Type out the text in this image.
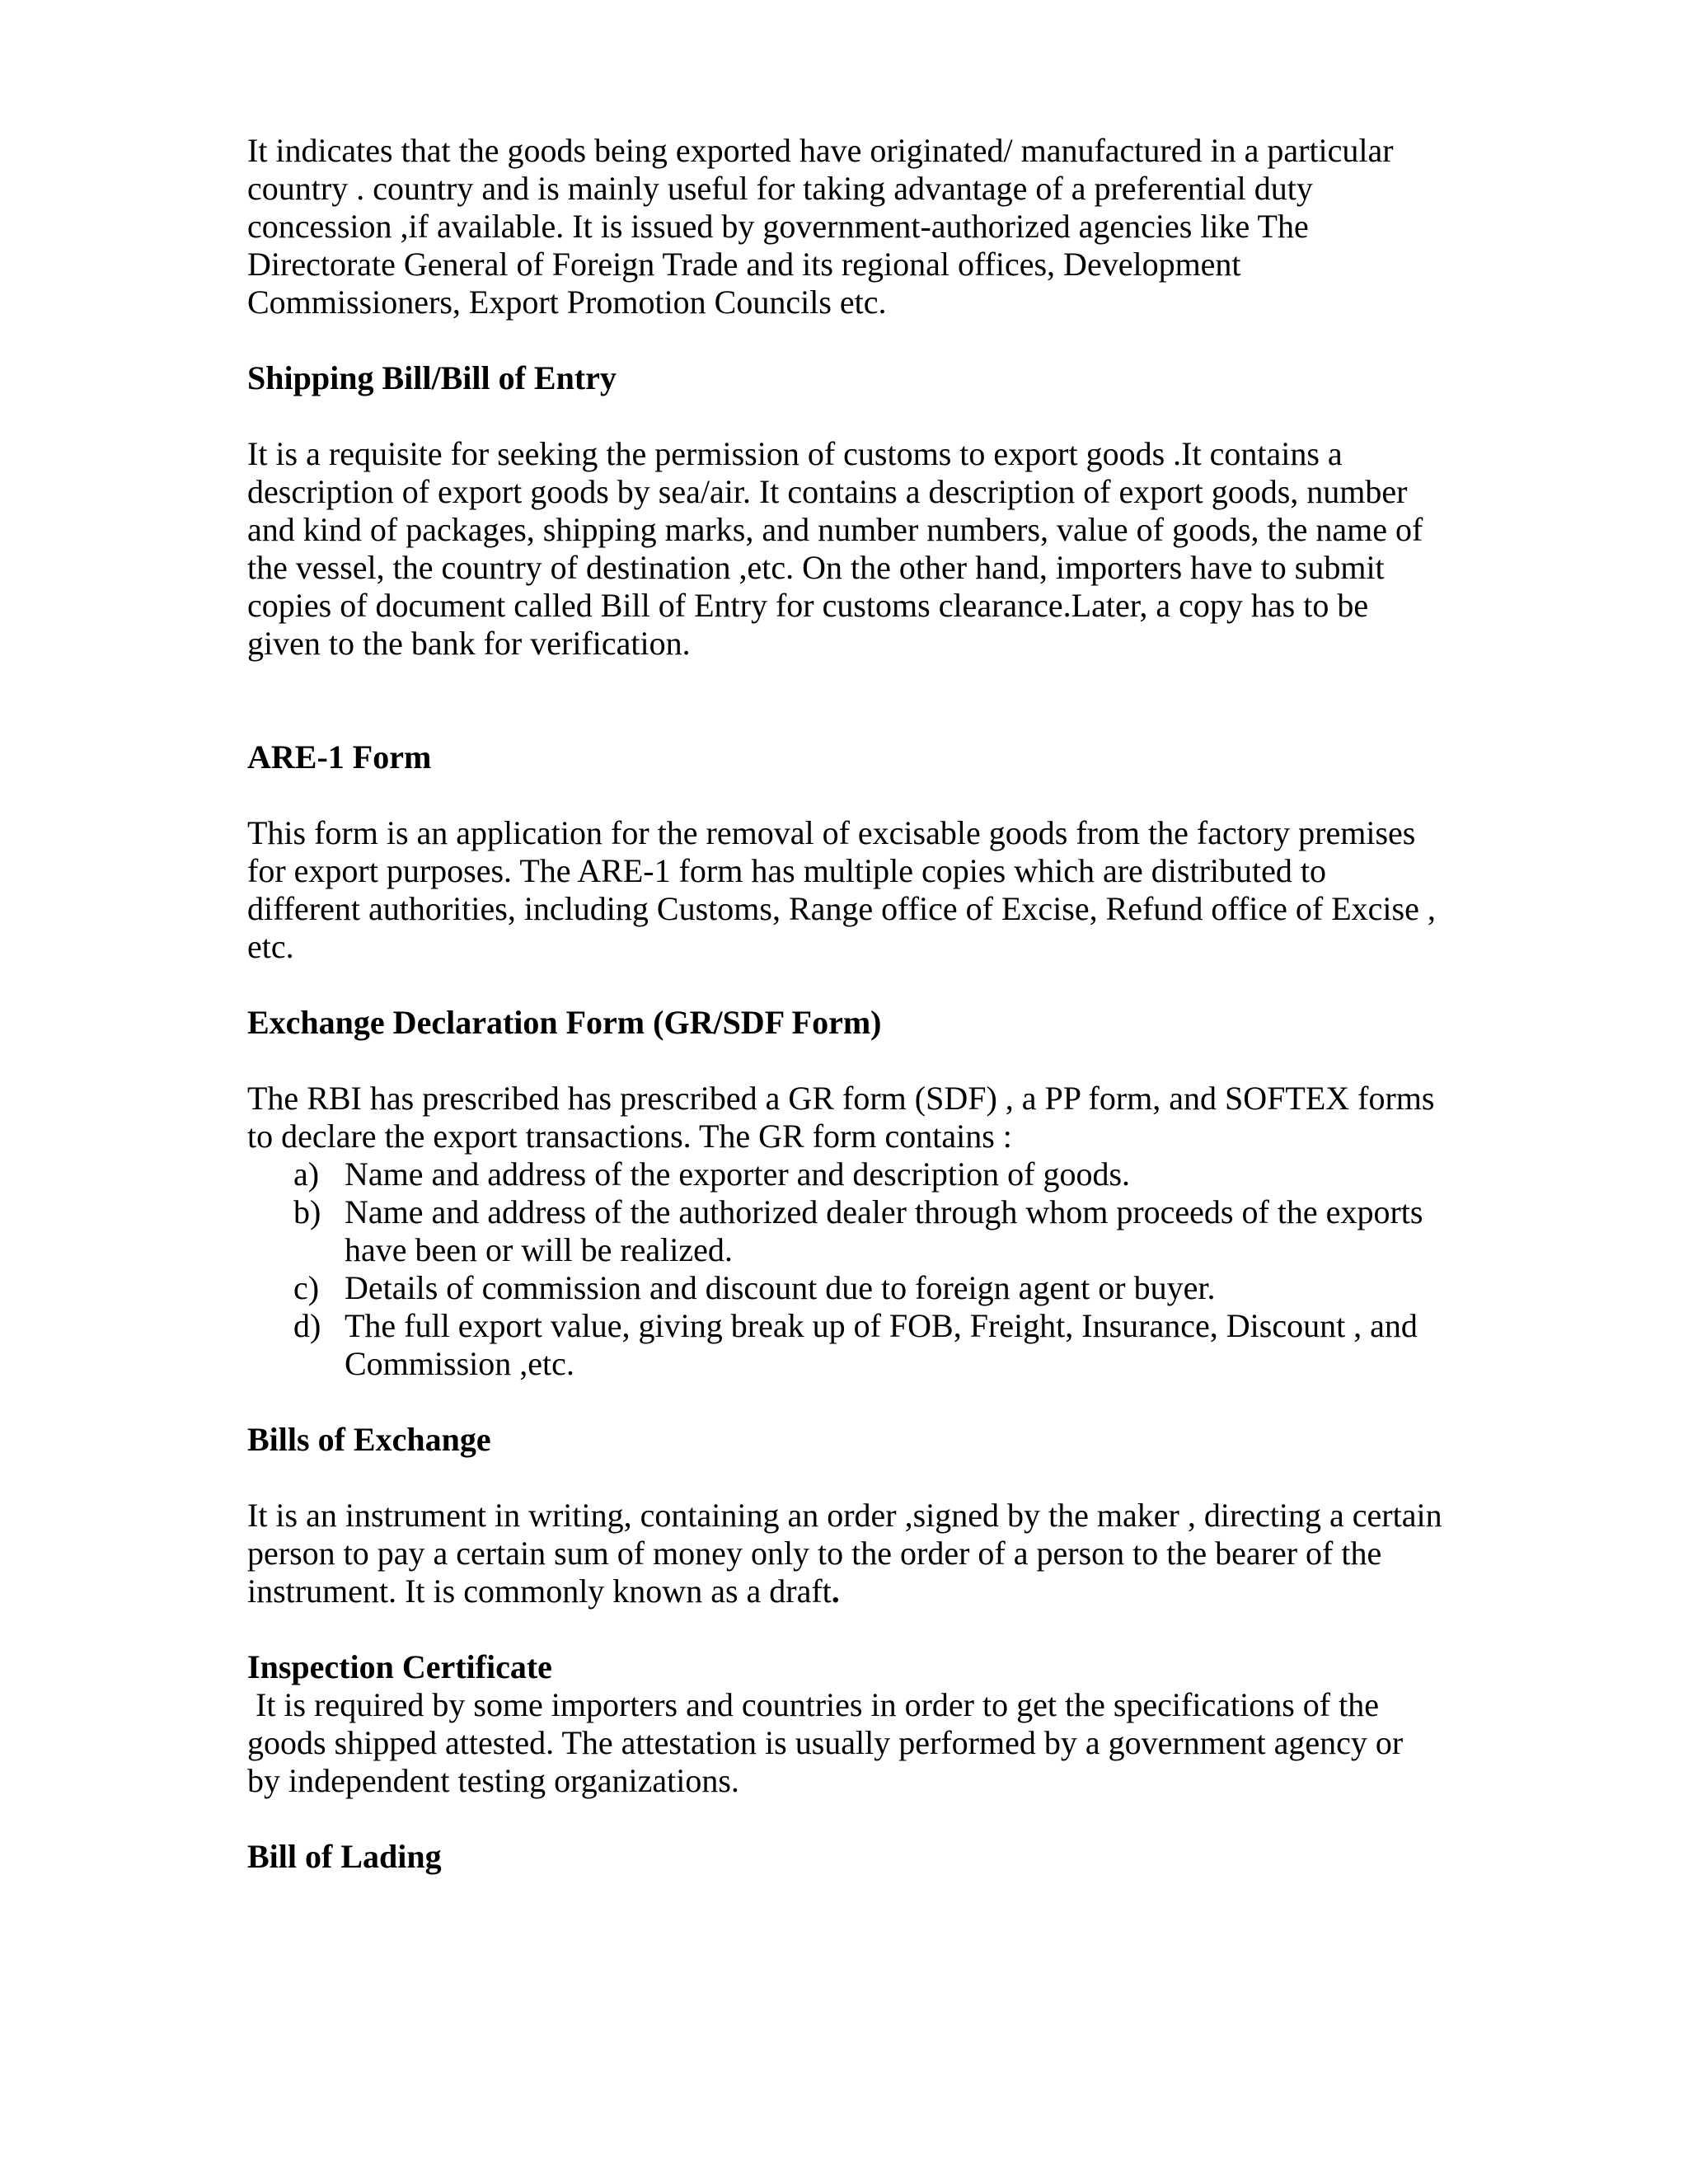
It indicates that the goods being exported have originated/ manufactured in a particular country . country and is mainly useful for taking advantage of a preferential duty concession ,if available. It is issued by government-authorized agencies like The Directorate General of Foreign Trade and its regional offices, Development Commissioners, Export Promotion Councils etc.

Shipping Bill/Bill of Entry

It is a requisite for seeking the permission of customs to export goods .It contains a description of export goods by sea/air. It contains a description of export goods, number and kind of packages, shipping marks, and number numbers, value of goods, the name of the vessel, the country of destination ,etc. On the other hand, importers have to submit copies of document called Bill of Entry for customs clearance.Later, a copy has to be given to the bank for verification.

ARE-1 Form

This form is an application for the removal of excisable goods from the factory premises for export purposes. The ARE-1 form has multiple copies which are distributed to different authorities, including Customs, Range office of Excise, Refund office of Excise , etc.

Exchange Declaration Form (GR/SDF Form)

The RBI has prescribed has prescribed a GR form (SDF) , a PP form, and SOFTEX forms to declare the export transactions. The GR form contains :

a) Name and address of the exporter and description of goods.
b) Name and address of the authorized dealer through whom proceeds of the exports have been or will be realized.
c) Details of commission and discount due to foreign agent or buyer.
d) The full export value, giving break up of FOB, Freight, Insurance, Discount , and Commission ,etc.

Bills of Exchange

It is an instrument in writing, containing an order ,signed by the maker , directing a certain person to pay a certain sum of money only to the order of a person to the bearer of the instrument. It is commonly known as a draft.

Inspection Certificate

It is required by some importers and countries in order to get the specifications of the goods shipped attested. The attestation is usually performed by a government agency or by independent testing organizations.

Bill of Lading
